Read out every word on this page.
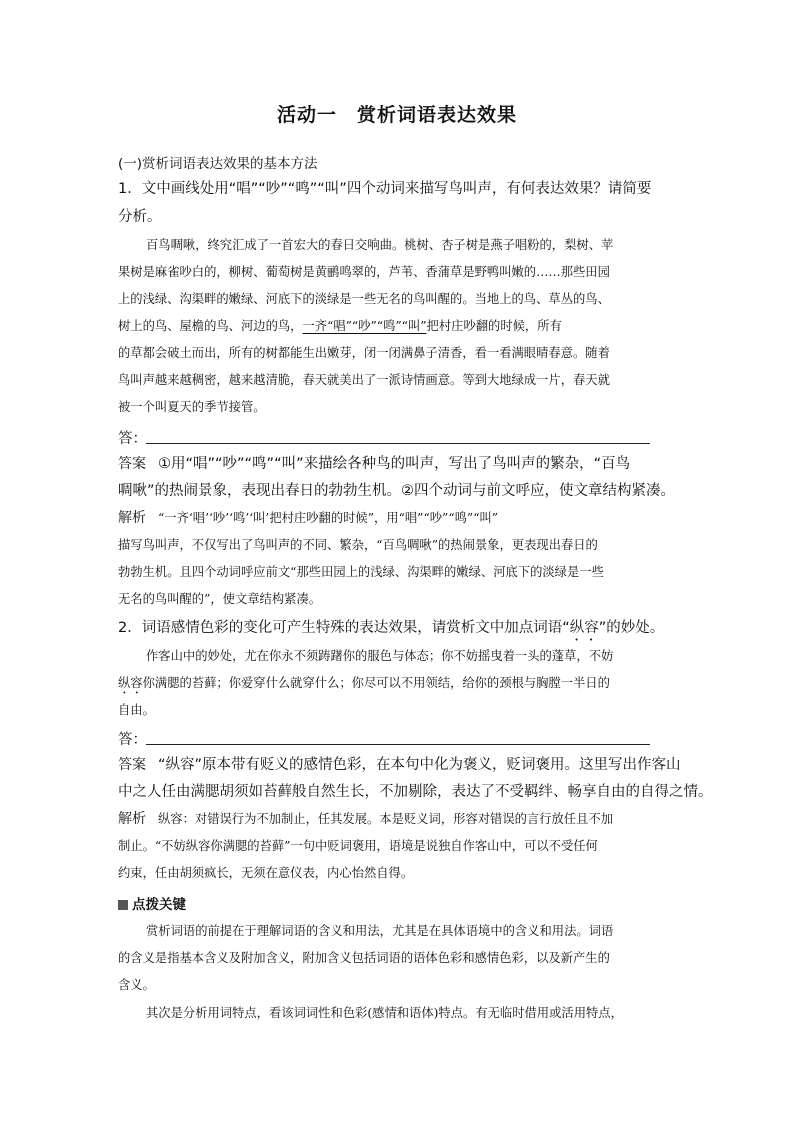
活动一　赏析词语表达效果
(一)赏析词语表达效果的基本方法
1．文中画线处用“唱”“吵”“鸣”“叫”四个动词来描写鸟叫声，有何表达效果？请简要
分析。
百鸟啁啾，终究汇成了一首宏大的春日交响曲。桃树、杏子树是燕子唱粉的，梨树、苹
果树是麻雀吵白的，柳树、葡萄树是黄鹂鸣翠的，芦苇、香蒲草是野鸭叫嫩的……那些田园
上的浅绿、沟渠畔的嫩绿、河底下的淡绿是一些无名的鸟叫醒的。当地上的鸟、草丛的鸟、
树上的鸟、屋檐的鸟、河边的鸟，一齐“唱”“吵”“鸣”“叫”把村庄吵翻的时候，所有
的草都会破土而出，所有的树都能生出嫩芽，闭一闭满鼻子清香，看一看满眼晴春意。随着
鸟叫声越来越稠密，越来越清脆，春天就美出了一派诗情画意。等到大地绿成一片，春天就
被一个叫夏天的季节接管。
答：
答案 ①用“唱”“吵”“鸣”“叫”来描绘各种鸟的叫声，写出了鸟叫声的繁杂，“百鸟
啁啾”的热闹景象，表现出春日的勃勃生机。②四个动词与前文呼应，使文章结构紧凑。
解析 “一齐‘唱’‘吵’‘鸣’‘叫’把村庄吵翻的时候”，用“唱”“吵”“鸣”“叫”
描写鸟叫声，不仅写出了鸟叫声的不同、繁杂，“百鸟啁啾”的热闹景象，更表现出春日的
勃勃生机。且四个动词呼应前文“那些田园上的浅绿、沟渠畔的嫩绿、河底下的淡绿是一些
无名的鸟叫醒的”，使文章结构紧凑。
2．词语感情色彩的变化可产生特殊的表达效果，请赏析文中加点词语“纵容”的妙处。
作客山中的妙处，尤在你永不须踌躇你的服色与体态；你不妨摇曳着一头的蓬草，不妨
纵容你满腮的苔藓；你爱穿什么就穿什么；你尽可以不用领结，给你的颈根与胸膛一半日的
自由。
答：
答案 “纵容”原本带有贬义的感情色彩，在本句中化为褒义，贬词褒用。这里写出作客山
中之人任由满腮胡须如苔藓般自然生长，不加剔除，表达了不受羁绊、畅享自由的自得之情。
解析 纵容：对错误行为不加制止，任其发展。本是贬义词，形容对错误的言行放任且不加
制止。“不妨纵容你满腮的苔藓”一句中贬词褒用，语境是说独自作客山中，可以不受任何
约束，任由胡须疯长，无须在意仪表，内心怡然自得。
点拨关键
赏析词语的前提在于理解词语的含义和用法，尤其是在具体语境中的含义和用法。词语
的含义是指基本含义及附加含义，附加含义包括词语的语体色彩和感情色彩，以及新产生的
含义。
其次是分析用词特点，看该词词性和色彩(感情和语体)特点。有无临时借用或活用特点，
